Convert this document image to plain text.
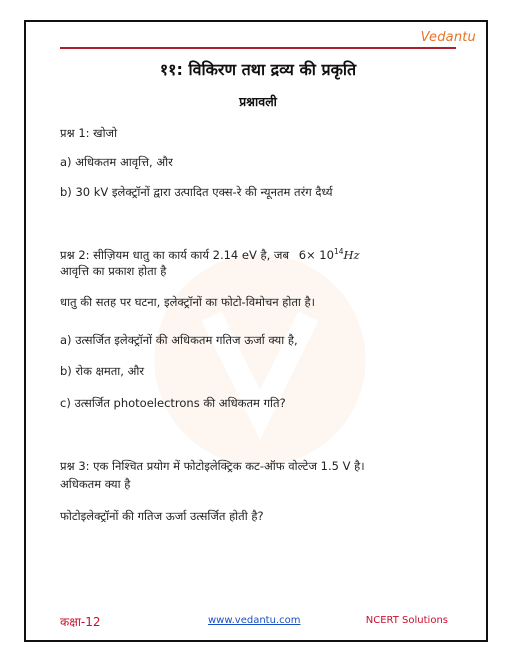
Vedantu
११: विकिरण तथा द्रव्य की प्रकृति
प्रश्नावली
प्रश्न 1: खोजो
a) अधिकतम आवृत्ति, और
b) 30 kV इलेक्ट्रॉनों द्वारा उत्पादित एक्स-रे की न्यूनतम तरंग दैर्ध्य
प्रश्न 2: सीज़ियम धातु का कार्य कार्य 2.14 eV है, जब $6\times 10^{14}Hz$
आवृत्ति का प्रकाश होता है
धातु की सतह पर घटना, इलेक्ट्रॉनों का फोटो-विमोचन होता है।
a) उत्सर्जित इलेक्ट्रॉनों की अधिकतम गतिज ऊर्जा क्या है,
b) रोक क्षमता, और
c) उत्सर्जित photoelectrons की अधिकतम गति?
प्रश्न 3: एक निश्चित प्रयोग में फोटोइलेक्ट्रिक कट-ऑफ वोल्टेज 1.5 V है।
अधिकतम क्या है
फोटोइलेक्ट्रॉनों की गतिज ऊर्जा उत्सर्जित होती है?
कक्षा-12	www.vedantu.com	NCERT Solutions
